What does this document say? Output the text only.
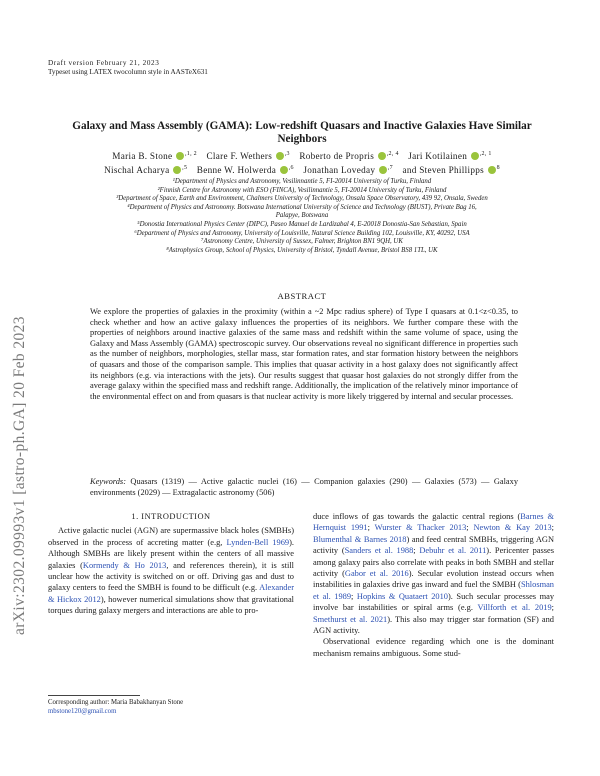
arXiv:2302.09993v1 [astro-ph.GA] 20 Feb 2023
Draft version February 21, 2023
Typeset using LATEX twocolumn style in AASTeX631
Galaxy and Mass Assembly (GAMA): Low-redshift Quasars and Inactive Galaxies Have Similar Neighbors
Maria B. Stone $^{,1, 2}$  Clare F. Wethers $^{,3}$  Roberto de Propris $^{,2, 4}$  Jari Kotilainen $^{,2, 1}$
Nischal Acharya $^{,5}$  Benne W. Holwerda $^{,6}$  Jonathan Loveday $^{,7}$  and Steven Phillipps $^8$
¹Department of Physics and Astronomy, Vesilinnantie 5, FI-20014 University of Turku, Finland
²Finnish Centre for Astronomy with ESO (FINCA), Vesilinnantie 5, FI-20014 University of Turku, Finland
³Department of Space, Earth and Environment, Chalmers University of Technology, Onsala Space Observatory, 439 92, Onsala, Sweden
⁴Department of Physics and Astronomy. Botswana International University of Science and Technology (BIUST), Private Bag 16,
Palapye, Botswana
⁵Donostia International Physics Center (DIPC), Paseo Manuel de Lardizabal 4, E-20018 Donostia-San Sebastian, Spain
⁶Department of Physics and Astronomy, University of Louisville, Natural Science Building 102, Louisville, KY, 40292, USA
⁷Astronomy Centre, University of Sussex, Falmer, Brighton BN1 9QH, UK
⁸Astrophysics Group, School of Physics, University of Bristol, Tyndall Avenue, Bristol BS8 1TL, UK
ABSTRACT
We explore the properties of galaxies in the proximity (within a ~2 Mpc radius sphere) of Type I quasars at 0.1<z<0.35, to check whether and how an active galaxy influences the properties of its neighbors. We further compare these with the properties of neighbors around inactive galaxies of the same mass and redshift within the same volume of space, using the Galaxy and Mass Assembly (GAMA) spectroscopic survey. Our observations reveal no significant difference in properties such as the number of neighbors, morphologies, stellar mass, star formation rates, and star formation history between the neighbors of quasars and those of the comparison sample. This implies that quasar activity in a host galaxy does not significantly affect its neighbors (e.g. via interactions with the jets). Our results suggest that quasar host galaxies do not strongly differ from the average galaxy within the specified mass and redshift range. Additionally, the implication of the relatively minor importance of the environmental effect on and from quasars is that nuclear activity is more likely triggered by internal and secular processes.
Keywords: Quasars (1319) — Active galactic nuclei (16) — Companion galaxies (290) — Galaxies (573) — Galaxy environments (2029) — Extragalactic astronomy (506)
1. INTRODUCTION

Active galactic nuclei (AGN) are supermassive black holes (SMBHs) observed in the process of accreting matter (e.g, Lynden-Bell 1969). Although SMBHs are likely present within the centers of all massive galaxies (Kormendy & Ho 2013, and references therein), it is still unclear how the activity is switched on or off. Driving gas and dust to galaxy centers to feed the SMBH is found to be difficult (e.g. Alexander & Hickox 2012), however numerical simulations show that gravitational torques during galaxy mergers and interactions are able to pro-

duce inflows of gas towards the galactic central regions (Barnes & Hernquist 1991; Wurster & Thacker 2013; Newton & Kay 2013; Blumenthal & Barnes 2018) and feed central SMBHs, triggering AGN activity (Sanders et al. 1988; Debuhr et al. 2011). Pericenter passes among galaxy pairs also correlate with peaks in both SMBH and stellar activity (Gabor et al. 2016). Secular evolution instead occurs when instabilities in galaxies drive gas inward and fuel the SMBH (Shlosman et al. 1989; Hopkins & Quataert 2010). Such secular processes may involve bar instabilities or spiral arms (e.g. Villforth et al. 2019; Smethurst et al. 2021). This also may trigger star formation (SF) and AGN activity.

Observational evidence regarding which one is the dominant mechanism remains ambiguous. Some stud-

Corresponding author: Maria Babakhanyan Stone
mbstone120@gmail.com
